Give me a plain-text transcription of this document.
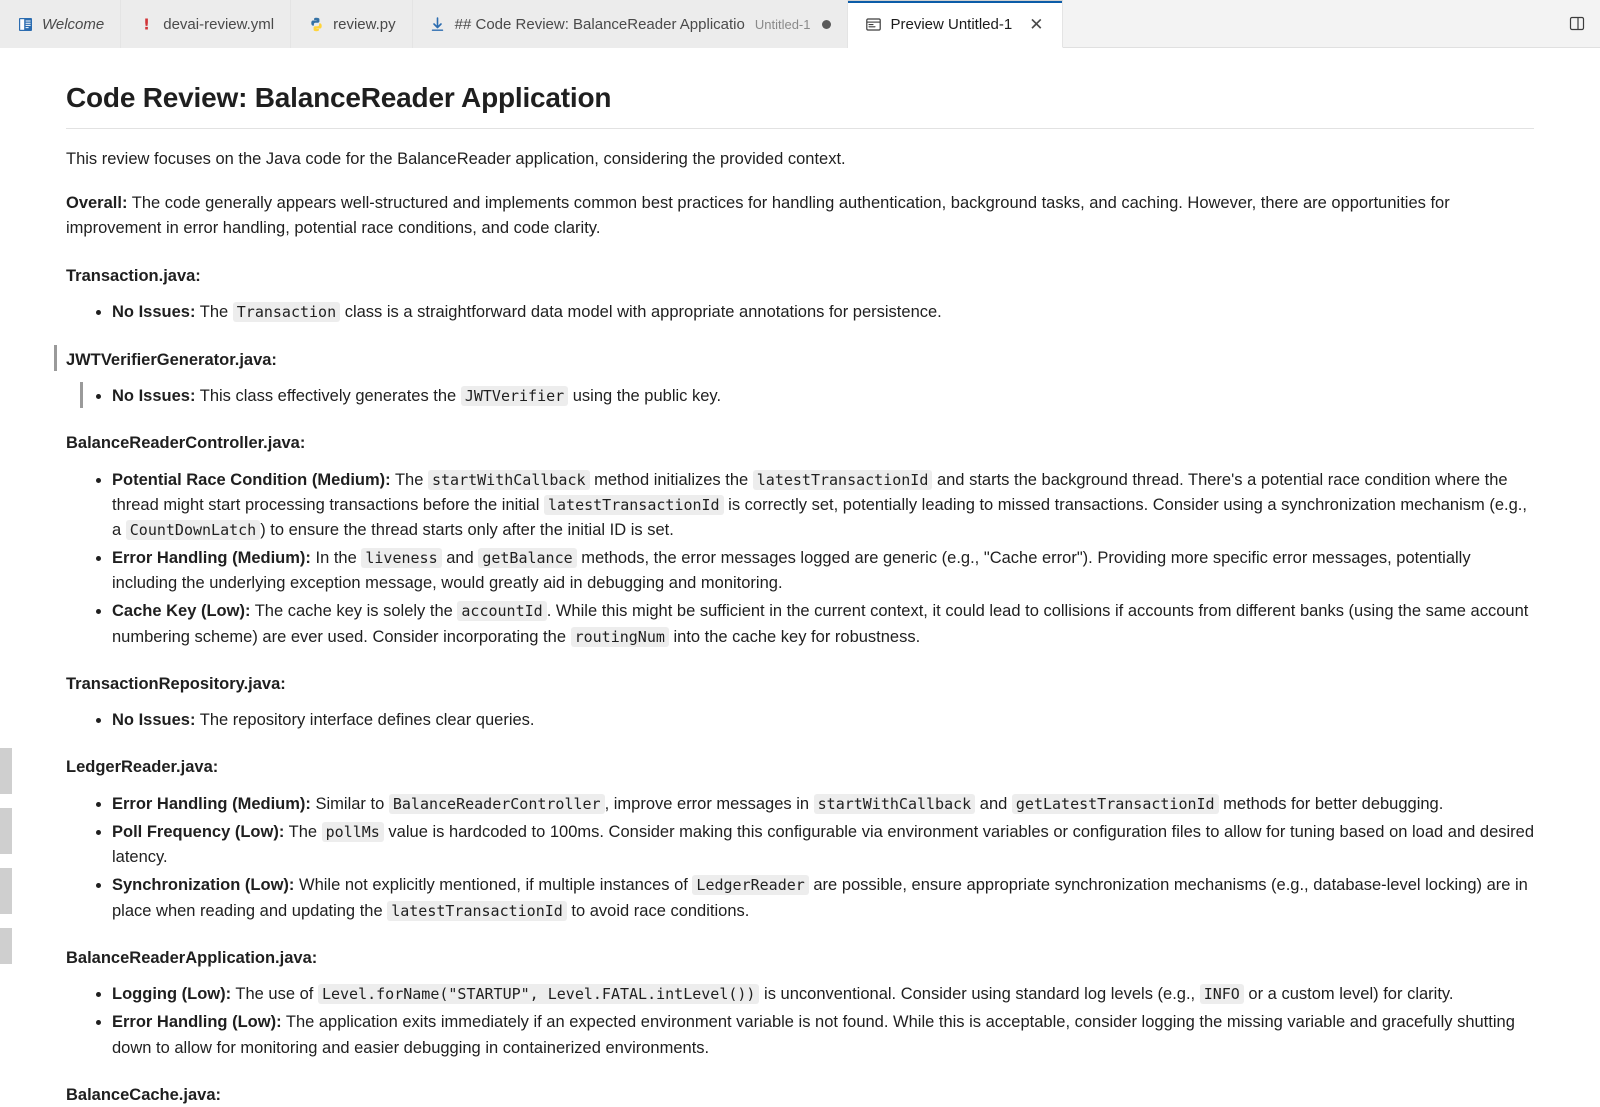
Welcome	! devai-review.yml	review.py	## Code Review: BalanceReader Applicatio Untitled-1	Preview Untitled-1 ✕
Code Review: BalanceReader Application

This review focuses on the Java code for the BalanceReader application, considering the provided context.

Overall: The code generally appears well-structured and implements common best practices for handling authentication, background tasks, and caching. However, there are opportunities for improvement in error handling, potential race conditions, and code clarity.

Transaction.java:
• No Issues: The Transaction class is a straightforward data model with appropriate annotations for persistence.
JWTVerifierGenerator.java:
• No Issues: This class effectively generates the JWTVerifier using the public key.
BalanceReaderController.java:
• Potential Race Condition (Medium): The startWithCallback method initializes the latestTransactionId and starts the background thread. There's a potential race condition where the thread might start processing transactions before the initial latestTransactionId is correctly set, potentially leading to missed transactions. Consider using a synchronization mechanism (e.g., a CountDownLatch ) to ensure the thread starts only after the initial ID is set.
• Error Handling (Medium): In the liveness and getBalance methods, the error messages logged are generic (e.g., "Cache error"). Providing more specific error messages, potentially including the underlying exception message, would greatly aid in debugging and monitoring.
• Cache Key (Low): The cache key is solely the accountId . While this might be sufficient in the current context, it could lead to collisions if accounts from different banks (using the same account numbering scheme) are ever used. Consider incorporating the routingNum into the cache key for robustness.
TransactionRepository.java:
• No Issues: The repository interface defines clear queries.
LedgerReader.java:
• Error Handling (Medium): Similar to BalanceReaderController , improve error messages in startWithCallback and getLatestTransactionId methods for better debugging.
• Poll Frequency (Low): The pollMs value is hardcoded to 100ms. Consider making this configurable via environment variables or configuration files to allow for tuning based on load and desired latency.
• Synchronization (Low): While not explicitly mentioned, if multiple instances of LedgerReader are possible, ensure appropriate synchronization mechanisms (e.g., database-level locking) are in place when reading and updating the latestTransactionId to avoid race conditions.
BalanceReaderApplication.java:
• Logging (Low): The use of Level.forName("STARTUP", Level.FATAL.intLevel()) is unconventional. Consider using standard log levels (e.g., INFO or a custom level) for clarity.
• Error Handling (Low): The application exits immediately if an expected environment variable is not found. While this is acceptable, consider logging the missing variable and gracefully shutting down to allow for monitoring and easier debugging in containerized environments.
BalanceCache.java:
